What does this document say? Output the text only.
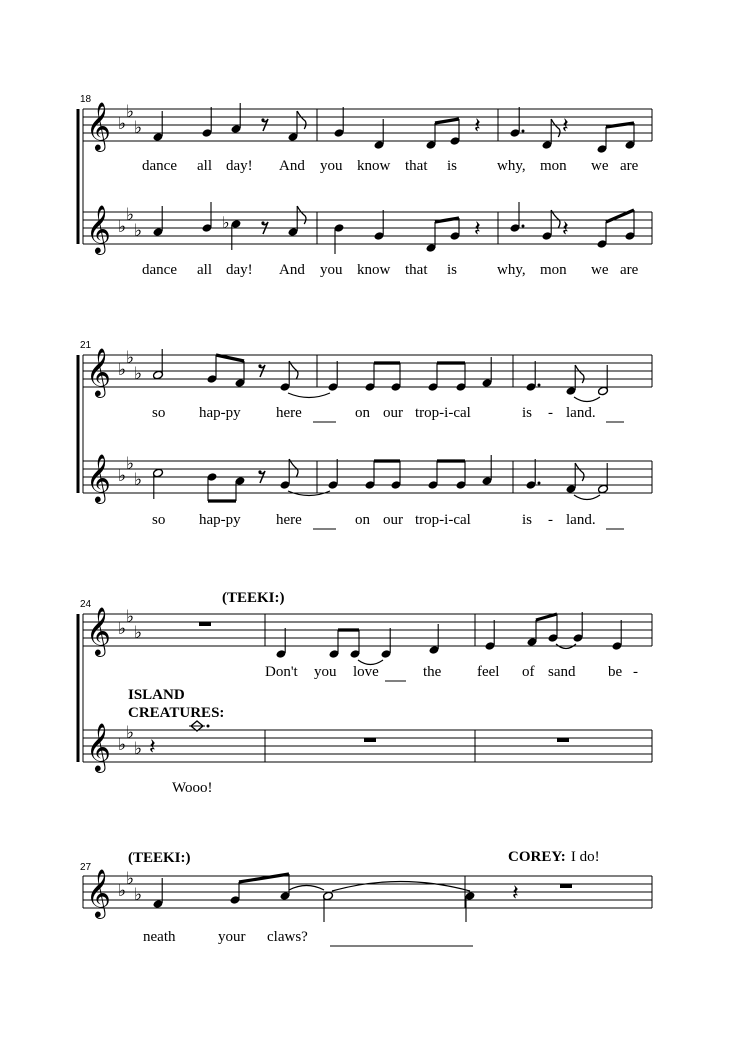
𝄞 ♭
♭
♭
𝄞 ♭
♭
♭
𝄽	𝄽
♭	𝄽	𝄽
𝄞 ♭
♭
♭
𝄞 ♭
♭
♭
𝄞 ♭
♭
♭
𝄞 ♭
♭
♭ 𝄽
𝄞 ♭
♭
♭	𝄽
18
21
24
27
dance all day! And you know that is	why, mon we are
dance all day! And you know that is	why, mon we are
so hap-py here	on our trop-i-cal	is - land.
so hap-py here	on our trop-i-cal	is - land.
(TEEKI:)
Don't you love	the feel of sand be -
ISLAND
CREATURES:
Wooo!
(TEEKI:)	COREY: I do!
neath	your claws?
